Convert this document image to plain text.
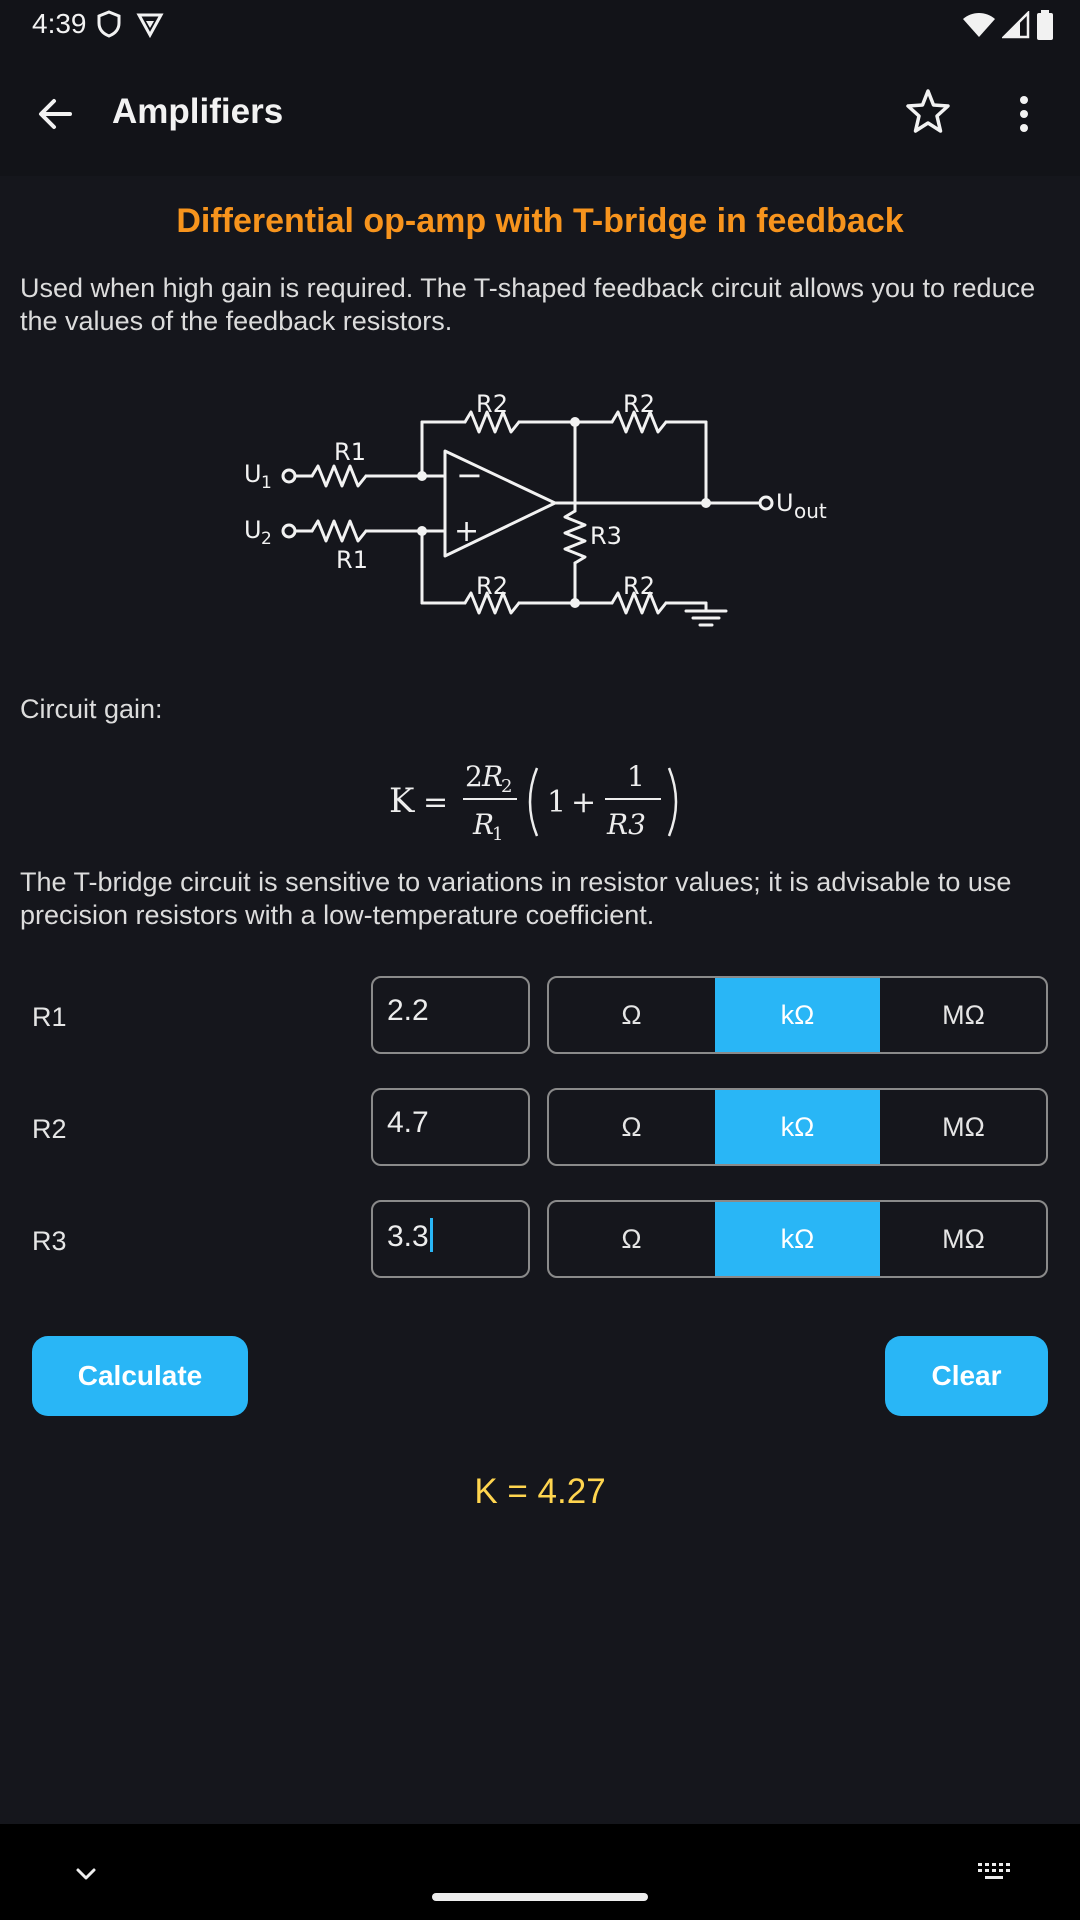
4:39
Amplifiers
Differential op-amp with T-bridge in feedback
Used when high gain is required. The T-shaped feedback circuit allows you to reduce the values of the feedback resistors.
R2	R2
R1
R1
R2	R2
R3
U 1
U 2
U out
−
+
Circuit gain:
K =
2 R
2
R
1
1 +
1
R3
The T-bridge circuit is sensitive to variations in resistor values; it is advisable to use precision resistors with a low-temperature coefficient.
R1	2.2	Ω	kΩ	MΩ
R2	4.7	Ω	kΩ	MΩ
R3	3.3	Ω	kΩ	MΩ
Calculate	Clear
K = 4.27
